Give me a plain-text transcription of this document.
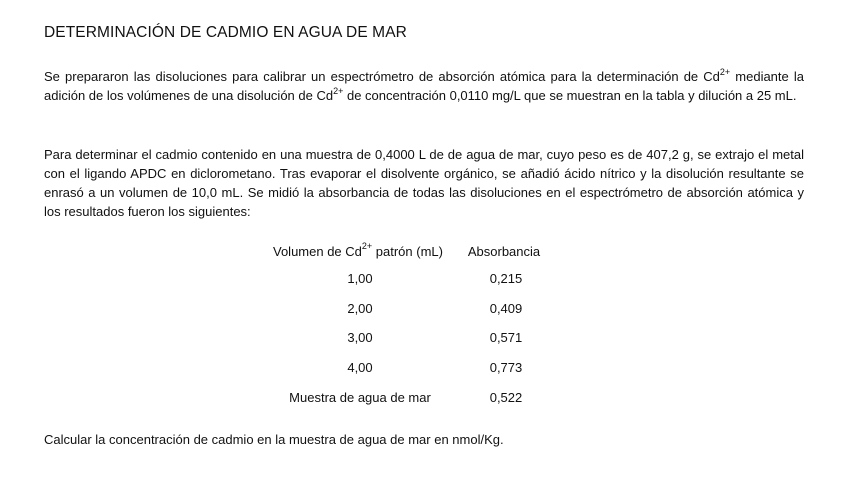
DETERMINACIÓN DE CADMIO EN AGUA DE MAR
Se prepararon las disoluciones para calibrar un espectrómetro de absorción atómica para la determinación de $Cd^{2+}$ mediante la adición de los volúmenes de una disolución de $Cd^{2+}$ de concentración 0,0110 mg/L que se muestran en la tabla y dilución a 25 mL.
Para determinar el cadmio contenido en una muestra de 0,4000 L de de agua de mar, cuyo peso es de 407,2 g, se extrajo el metal con el ligando APDC en diclorometano. Tras evaporar el disolvente orgánico, se añadió ácido nítrico y la disolución resultante se enrasó a un volumen de 10,0 mL. Se midió la absorbancia de todas las disoluciones en el espectrómetro de absorción atómica y los resultados fueron los siguientes:
Volumen de $Cd^{2+}$ patrón (mL)	Absorbancia
1,00	0,215
2,00	0,409
3,00	0,571
4,00	0,773
Muestra de agua de mar	0,522
Calcular la concentración de cadmio en la muestra de agua de mar en nmol/Kg.
